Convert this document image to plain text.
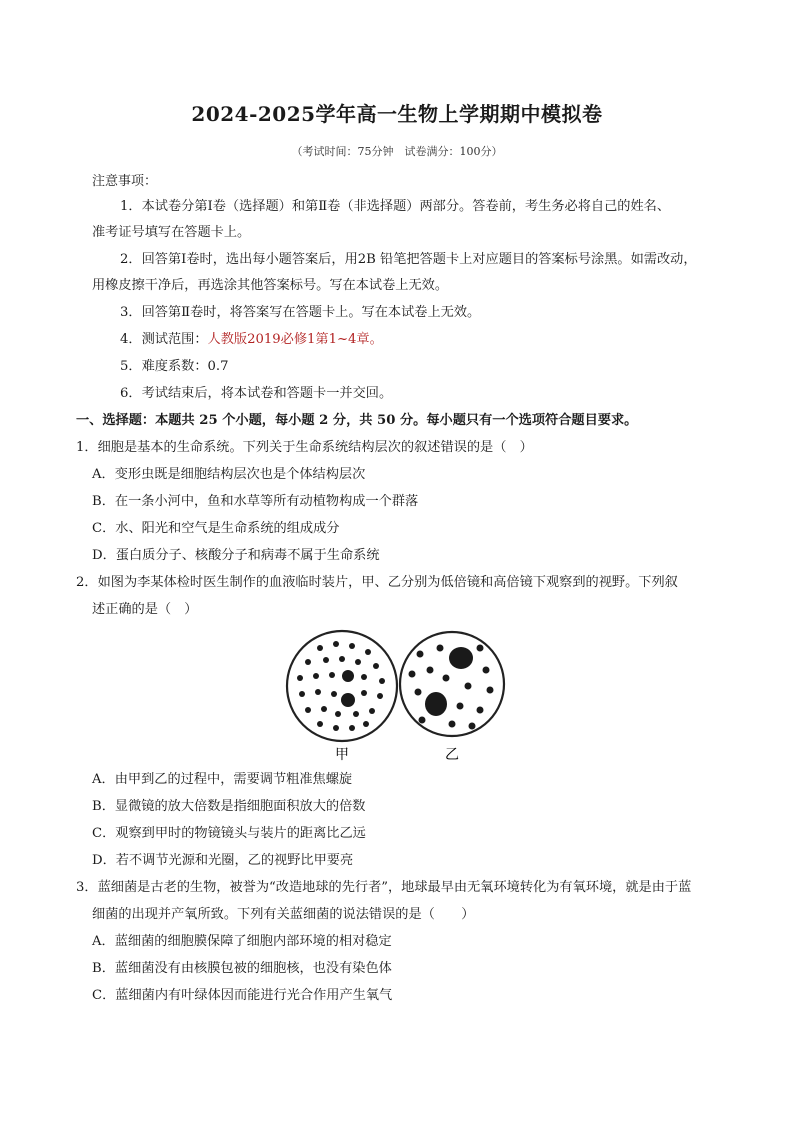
2024-2025学年高一生物上学期期中模拟卷
（考试时间：75分钟　试卷满分：100分）
注意事项：
1．本试卷分第Ⅰ卷（选择题）和第Ⅱ卷（非选择题）两部分。答卷前，考生务必将自己的姓名、
准考证号填写在答题卡上。
2．回答第Ⅰ卷时，选出每小题答案后，用2B 铅笔把答题卡上对应题目的答案标号涂黑。如需改动，
用橡皮擦干净后，再选涂其他答案标号。写在本试卷上无效。
3．回答第Ⅱ卷时，将答案写在答题卡上。写在本试卷上无效。
4．测试范围：人教版2019必修1第1~4章。
5．难度系数：0.7
6．考试结束后，将本试卷和答题卡一并交回。
一、选择题：本题共 25 个小题，每小题 2 分，共 50 分。每小题只有一个选项符合题目要求。
1．细胞是基本的生命系统。下列关于生命系统结构层次的叙述错误的是（　）
A．变形虫既是细胞结构层次也是个体结构层次
B．在一条小河中，鱼和水草等所有动植物构成一个群落
C．水、阳光和空气是生命系统的组成成分
D．蛋白质分子、核酸分子和病毒不属于生命系统
2．如图为李某体检时医生制作的血液临时装片，甲、乙分别为低倍镜和高倍镜下观察到的视野。下列叙
述正确的是（　）
甲	乙
A．由甲到乙的过程中，需要调节粗准焦螺旋
B．显微镜的放大倍数是指细胞面积放大的倍数
C．观察到甲时的物镜镜头与装片的距离比乙远
D．若不调节光源和光圈，乙的视野比甲要亮
3．蓝细菌是古老的生物，被誉为“改造地球的先行者”，地球最早由无氧环境转化为有氧环境，就是由于蓝
细菌的出现并产氧所致。下列有关蓝细菌的说法错误的是（　　）
A．蓝细菌的细胞膜保障了细胞内部环境的相对稳定
B．蓝细菌没有由核膜包被的细胞核，也没有染色体
C．蓝细菌内有叶绿体因而能进行光合作用产生氧气
